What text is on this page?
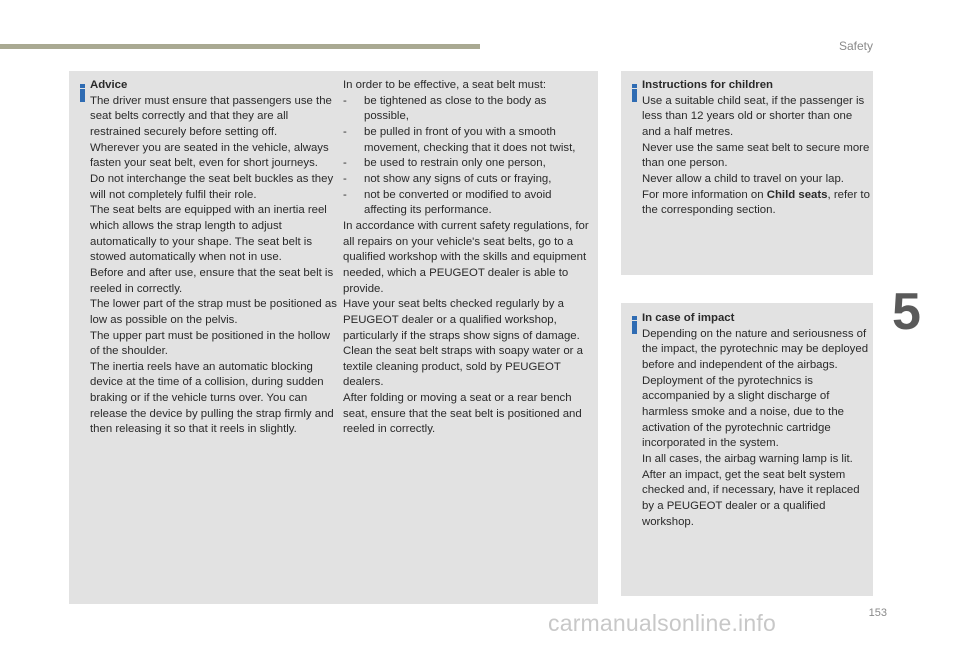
Safety
5

Advice

The driver must ensure that passengers use the seat belts correctly and that they are all restrained securely before setting off.

Wherever you are seated in the vehicle, always fasten your seat belt, even for short journeys.

Do not interchange the seat belt buckles as they will not completely fulfil their role.

The seat belts are equipped with an inertia reel which allows the strap length to adjust automatically to your shape. The seat belt is stowed automatically when not in use.

Before and after use, ensure that the seat belt is reeled in correctly.

The lower part of the strap must be positioned as low as possible on the pelvis.

The upper part must be positioned in the hollow of the shoulder.

The inertia reels have an automatic blocking device at the time of a collision, during sudden braking or if the vehicle turns over. You can release the device by pulling the strap firmly and then releasing it so that it reels in slightly.

In order to be effective, a seat belt must:

- be tightened as close to the body as possible,
- be pulled in front of you with a smooth movement, checking that it does not twist,
- be used to restrain only one person,
- not show any signs of cuts or fraying,
- not be converted or modified to avoid affecting its performance.

In accordance with current safety regulations, for all repairs on your vehicle's seat belts, go to a qualified workshop with the skills and equipment needed, which a PEUGEOT dealer is able to provide.

Have your seat belts checked regularly by a PEUGEOT dealer or a qualified workshop, particularly if the straps show signs of damage.

Clean the seat belt straps with soapy water or a textile cleaning product, sold by PEUGEOT dealers.

After folding or moving a seat or a rear bench seat, ensure that the seat belt is positioned and reeled in correctly.

Instructions for children

Use a suitable child seat, if the passenger is less than 12 years old or shorter than one and a half metres.

Never use the same seat belt to secure more than one person.

Never allow a child to travel on your lap.

For more information on Child seats, refer to the corresponding section.

In case of impact

Depending on the nature and seriousness of the impact, the pyrotechnic may be deployed before and independent of the airbags. Deployment of the pyrotechnics is accompanied by a slight discharge of harmless smoke and a noise, due to the activation of the pyrotechnic cartridge incorporated in the system.

In all cases, the airbag warning lamp is lit.

After an impact, get the seat belt system checked and, if necessary, have it replaced by a PEUGEOT dealer or a qualified workshop.

153
carmanualsonline.info
